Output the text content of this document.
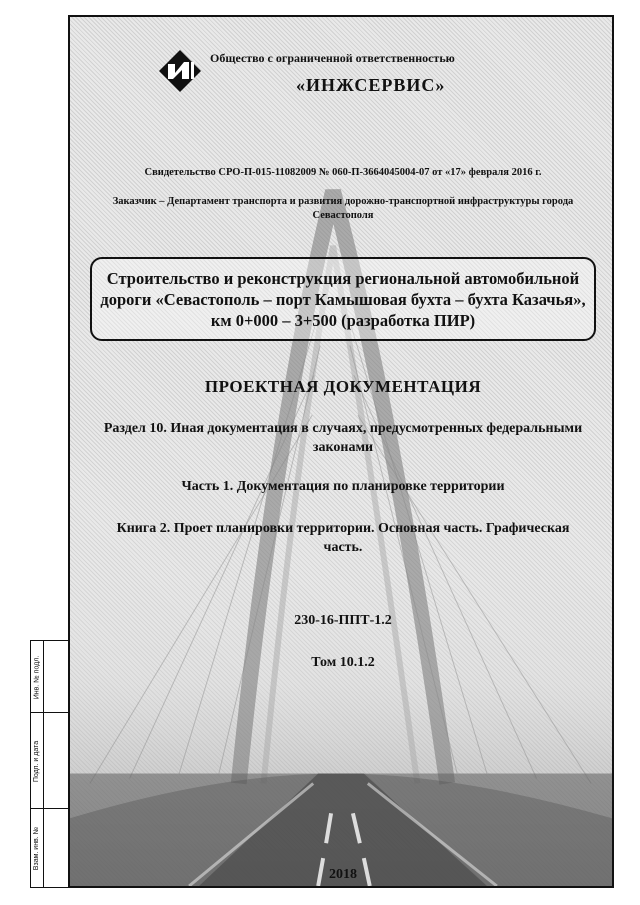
Общество с ограниченной ответственностью
«ИНЖСЕРВИС»
Свидетельство СРО-П-015-11082009 № 060-П-3664045004-07 от «17» февраля 2016 г.
Заказчик – Департамент транспорта и развития дорожно-транспортной инфраструктуры города Севастополя
Строительство и реконструкция региональной автомобильной дороги «Севастополь – порт Камышовая бухта – бухта Казачья», км 0+000 – 3+500 (разработка ПИР)
ПРОЕКТНАЯ ДОКУМЕНТАЦИЯ
Раздел 10. Иная документация в случаях, предусмотренных федеральными законами
Часть 1. Документация по планировке территории
Книга 2. Проет планировки территории. Основная часть. Графическая часть.
230-16-ППТ-1.2
Том 10.1.2
2018
Инв. № подл.
Подп. и дата
Взам. инв. №
